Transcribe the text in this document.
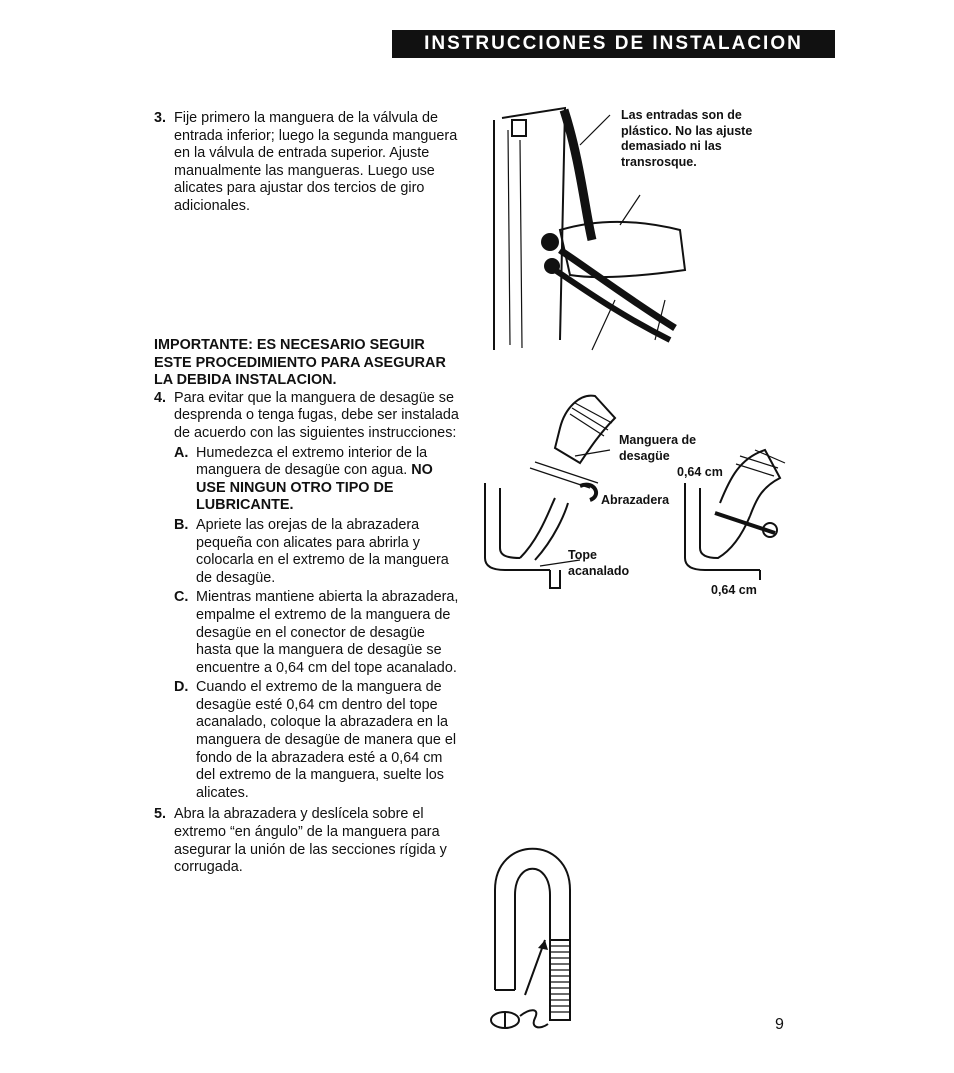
INSTRUCCIONES DE INSTALACION
3. Fije primero la manguera de la válvula de entrada inferior; luego la segunda manguera en la válvula de entrada superior. Ajuste manualmente las mangueras. Luego use alicates para ajustar dos tercios de giro adicionales.
IMPORTANTE: ES NECESARIO SEGUIR ESTE PROCEDIMIENTO PARA ASEGURAR LA DEBIDA INSTALACION.
4. Para evitar que la manguera de desagüe se desprenda o tenga fugas, debe ser instalada de acuerdo con las siguientes instrucciones:
A. Humedezca el extremo interior de la manguera de desagüe con agua. NO USE NINGUN OTRO TIPO DE LUBRICANTE.
B. Apriete las orejas de la abrazadera pequeña con alicates para abrirla y colocarla en el extremo de la manguera de desagüe.
C. Mientras mantiene abierta la abrazadera, empalme el extremo de la manguera de desagüe en el conector de desagüe hasta que la manguera de desagüe se encuentre a 0,64 cm del tope acanalado.
D. Cuando el extremo de la manguera de desagüe esté 0,64 cm dentro del tope acanalado, coloque la abrazadera en la manguera de desagüe de manera que el fondo de la abrazadera esté a 0,64 cm del extremo de la manguera, suelte los alicates.
5. Abra la abrazadera y deslícela sobre el extremo “en ángulo” de la manguera para asegurar la unión de las secciones rígida y corrugada.
Las entradas son de plástico. No las ajuste demasiado ni las transrosque.
Manguera de desagüe
0,64 cm
Abrazadera
Tope acanalado
0,64 cm
9
